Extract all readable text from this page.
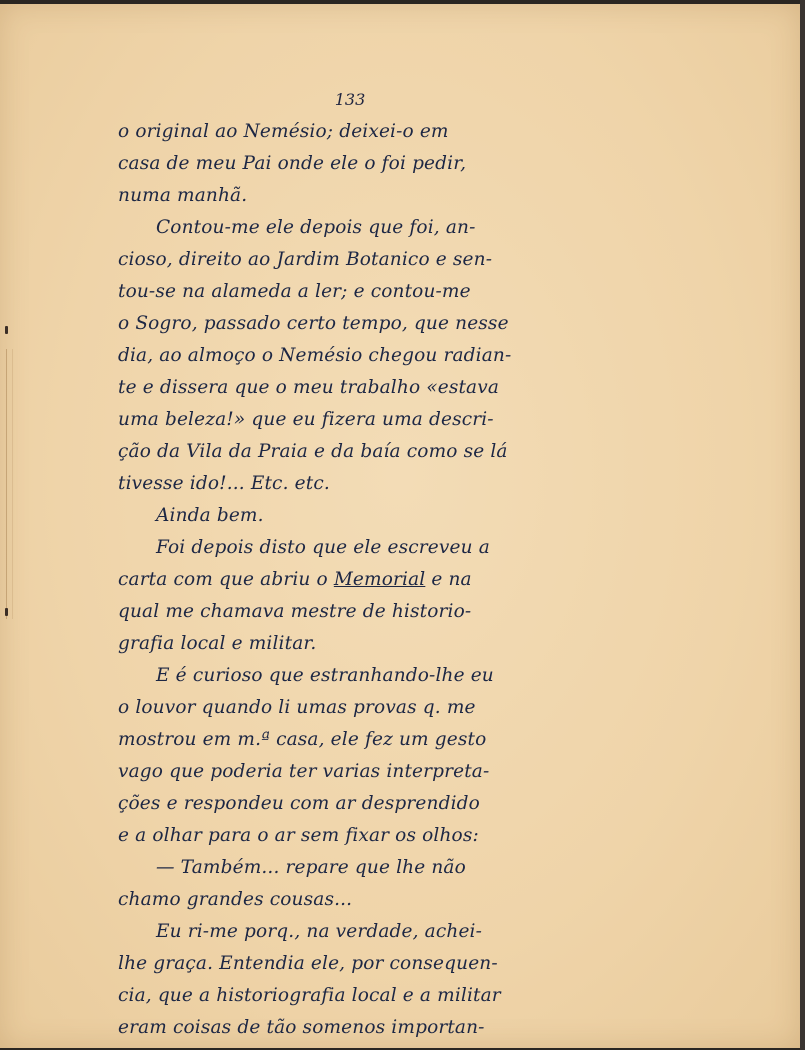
133
o original ao Nemésio; deixei-o em
casa de meu Pai onde ele o foi pedir,
numa manhã.
Contou-me ele depois que foi, an-
cioso, direito ao Jardim Botanico e sen-
tou-se na alameda a ler; e contou-me
o Sogro, passado certo tempo, que nesse
dia, ao almoço o Nemésio chegou radian-
te e dissera que o meu trabalho «estava
uma beleza!» que eu fizera uma descri-
ção da Vila da Praia e da baía como se lá
tivesse ido!... Etc. etc.
Ainda bem.
Foi depois disto que ele escreveu a
carta com que abriu o Memorial e na
qual me chamava mestre de historio-
grafia local e militar.
E é curioso que estranhando-lhe eu
o louvor quando li umas provas q. me
mostrou em m.ª casa, ele fez um gesto
vago que poderia ter varias interpreta-
ções e respondeu com ar desprendido
e a olhar para o ar sem fixar os olhos:
— Também... repare que lhe não
chamo grandes cousas...
Eu ri-me porq., na verdade, achei-
lhe graça. Entendia ele, por consequen-
cia, que a historiografia local e a militar
eram coisas de tão somenos importan-
